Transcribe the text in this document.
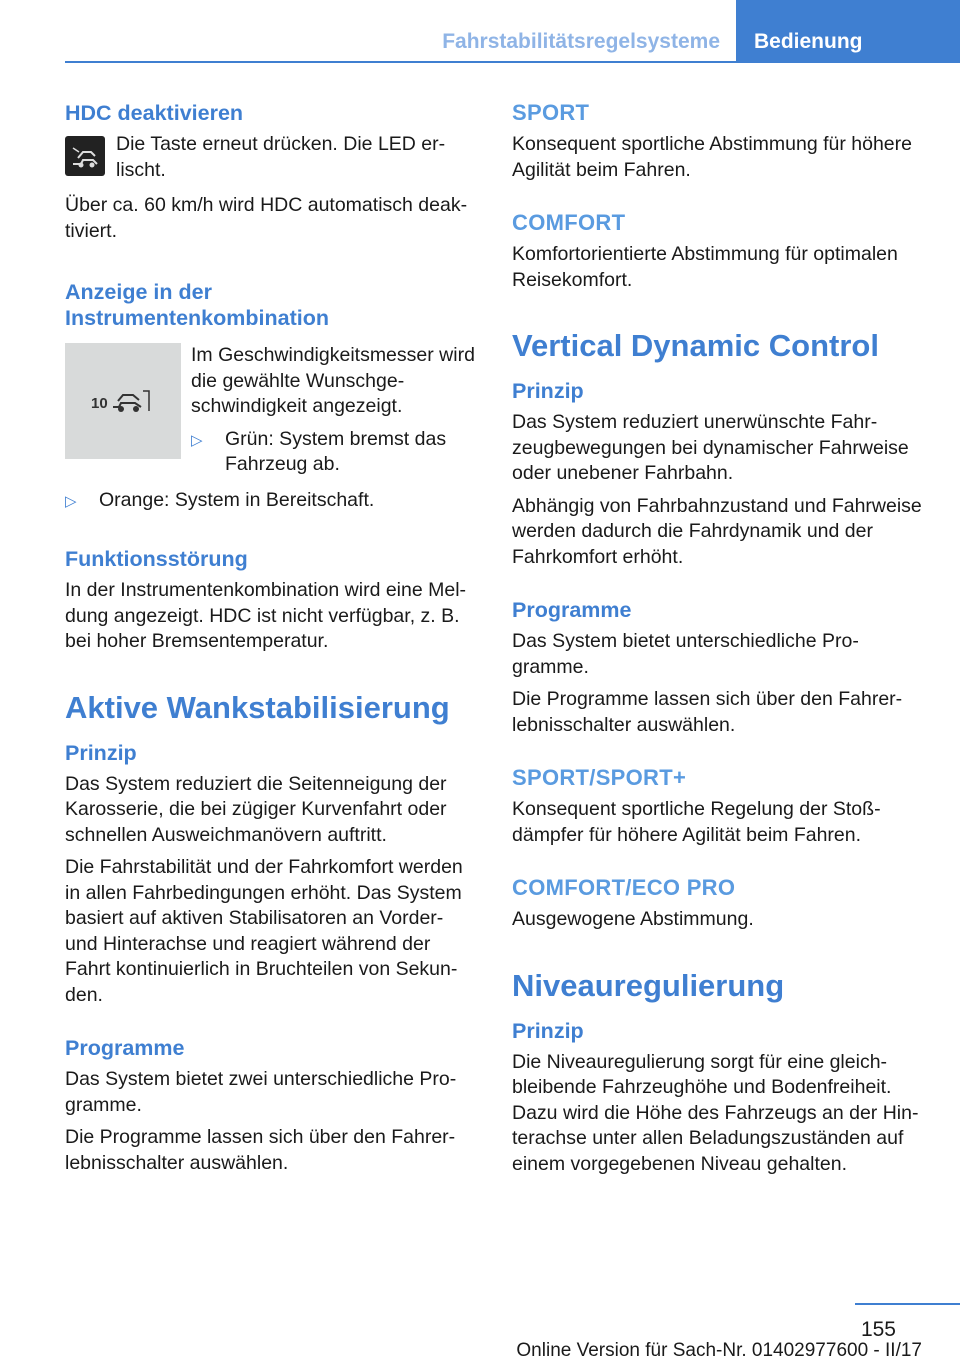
Fahrstabilitätsregelsysteme	Bedienung
HDC deaktivieren
Die Taste erneut drücken. Die LED erlischt.

Über ca. 60 km/h wird HDC automatisch deaktiviert.

Anzeige in der Instrumentenkombination
10

Im Geschwindigkeitsmesser wird die gewählte Wunschgeschwindigkeit angezeigt.

▷	Grün: System bremst das Fahrzeug ab.
▷	Orange: System in Bereitschaft.
Funktionsstörung

In der Instrumentenkombination wird eine Meldung angezeigt. HDC ist nicht verfügbar, z. B. bei hoher Bremsentemperatur.

Aktive Wankstabilisierung
Prinzip

Das System reduziert die Seitenneigung der Karosserie, die bei zügiger Kurvenfahrt oder schnellen Ausweichmanövern auftritt.

Die Fahrstabilität und der Fahrkomfort werden in allen Fahrbedingungen erhöht. Das System basiert auf aktiven Stabilisatoren an Vorder- und Hinterachse und reagiert während der Fahrt kontinuierlich in Bruchteilen von Sekunden.

Programme

Das System bietet zwei unterschiedliche Programme.

Die Programme lassen sich über den Fahrerlebnisschalter auswählen.

SPORT

Konsequent sportliche Abstimmung für höhere Agilität beim Fahren.

COMFORT

Komfortorientierte Abstimmung für optimalen Reisekomfort.

Vertical Dynamic Control
Prinzip

Das System reduziert unerwünschte Fahrzeugbewegungen bei dynamischer Fahrweise oder unebener Fahrbahn.

Abhängig von Fahrbahnzustand und Fahrweise werden dadurch die Fahrdynamik und der Fahrkomfort erhöht.

Programme

Das System bietet unterschiedliche Programme.

Die Programme lassen sich über den Fahrerlebnisschalter auswählen.

SPORT/SPORT+

Konsequent sportliche Regelung der Stoßdämpfer für höhere Agilität beim Fahren.

COMFORT/ECO PRO

Ausgewogene Abstimmung.

Niveauregulierung
Prinzip

Die Niveauregulierung sorgt für eine gleichbleibende Fahrzeughöhe und Bodenfreiheit. Dazu wird die Höhe des Fahrzeugs an der Hinterachse unter allen Beladungszuständen auf einem vorgegebenen Niveau gehalten.

155
Online Version für Sach-Nr. 01402977600 - II/17
